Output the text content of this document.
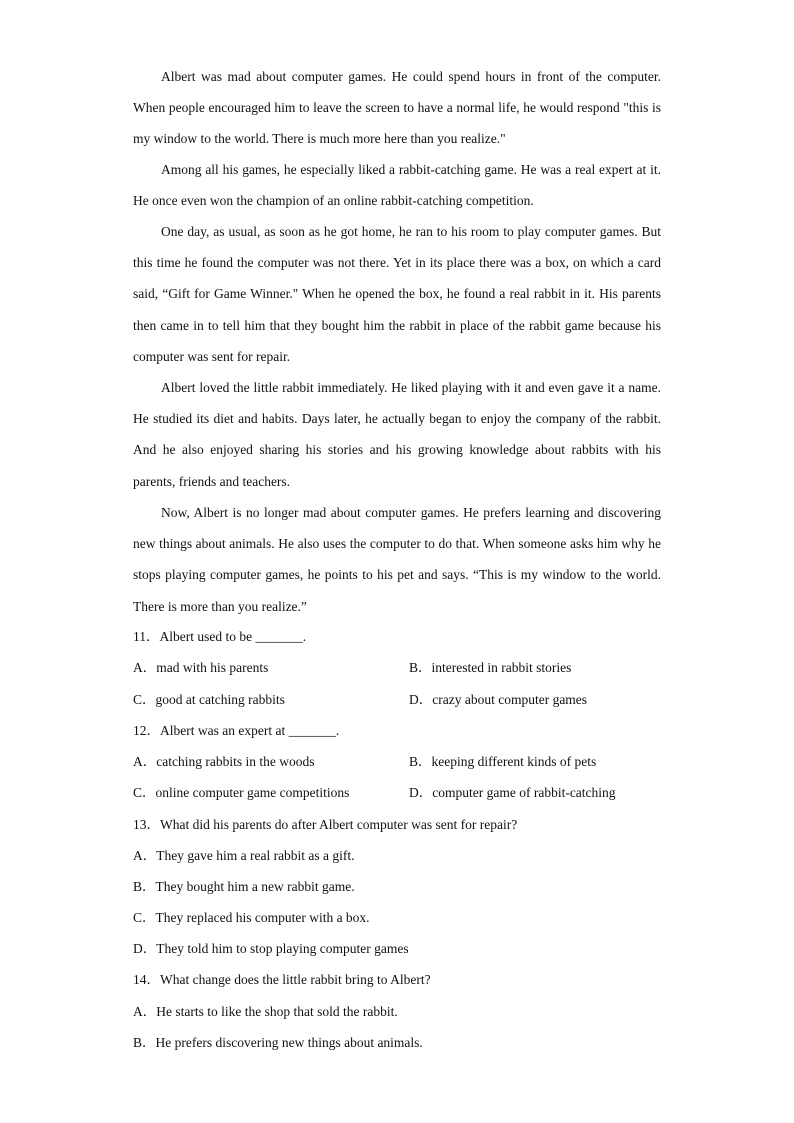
Albert was mad about computer games. He could spend hours in front of the computer. When people encouraged him to leave the screen to have a normal life, he would respond "this is my window to the world. There is much more here than you realize."

Among all his games, he especially liked a rabbit-catching game. He was a real expert at it. He once even won the champion of an online rabbit-catching competition.

One day, as usual, as soon as he got home, he ran to his room to play computer games. But this time he found the computer was not there. Yet in its place there was a box, on which a card said, “Gift for Game Winner." When he opened the box, he found a real rabbit in it. His parents then came in to tell him that they bought him the rabbit in place of the rabbit game because his computer was sent for repair.

Albert loved the little rabbit immediately. He liked playing with it and even gave it a name. He studied its diet and habits. Days later, he actually began to enjoy the company of the rabbit. And he also enjoyed sharing his stories and his growing knowledge about rabbits with his parents, friends and teachers.

Now, Albert is no longer mad about computer games. He prefers learning and discovering new things about animals. He also uses the computer to do that. When someone asks him why he stops playing computer games, he points to his pet and says. “This is my window to the world. There is more than you realize.”

11．Albert used to be _______.
A．mad with his parents	B．interested in rabbit stories
C．good at catching rabbits	D．crazy about computer games
12．Albert was an expert at _______.
A．catching rabbits in the woods	B．keeping different kinds of pets
C．online computer game competitions	D．computer game of rabbit-catching
13．What did his parents do after Albert computer was sent for repair?
A．They gave him a real rabbit as a gift.
B．They bought him a new rabbit game.
C．They replaced his computer with a box.
D．They told him to stop playing computer games
14．What change does the little rabbit bring to Albert?
A．He starts to like the shop that sold the rabbit.
B．He prefers discovering new things about animals.
